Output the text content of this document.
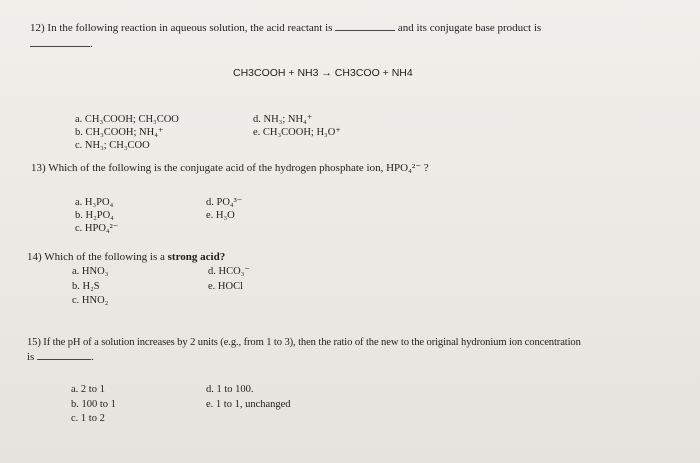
12) In the following reaction in aqueous solution, the acid reactant is	and its conjugate base product is
.
CH3COOH + NH3 → CH3COO + NH4
a. CH₃COOH; CH₃COO
b. CH₃COOH; NH₄⁺
c. NH₃; CH₃COO
d. NH₃; NH₄⁺
e. CH₃COOH; H₃O⁺
13) Which of the following is the conjugate acid of the hydrogen phosphate ion, HPO₄²⁻ ?
a. H₃PO₄
b. H₂PO₄
c. HPO₄²⁻
d. PO₄³⁻
e. H₃O
14) Which of the following is a strong acid?
a. HNO₃
b. H₂S
c. HNO₂
d. HCO₃⁻
e. HOCl
15) If the pH of a solution increases by 2 units (e.g., from 1 to 3), then the ratio of the new to the original hydronium ion concentration
is	.
a. 2 to 1
b. 100 to 1
c. 1 to 2
d. 1 to 100.
e. 1 to 1, unchanged
